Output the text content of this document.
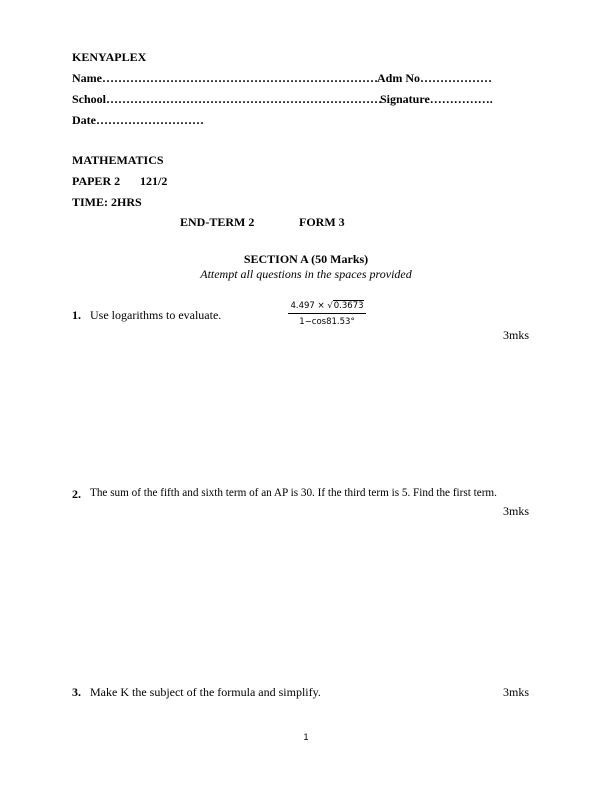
KENYAPLEX
Name…………………………………………………………… Adm No………………
School……………………………………………………………
Signature…………….
Date………………………
MATHEMATICS
PAPER 2 121/2
TIME: 2HRS
END-TERM 2	FORM 3
SECTION A (50 Marks)
Attempt all questions in the spaces provided
1. Use logarithms to evaluate.	$\frac{4.497 \times √0.3673}{1-\cos 81.53^\circ}$
3mks
2. The sum of the fifth and sixth term of an AP is 30. If the third term is 5. Find the first term.
3mks
3. Make K the subject of the formula and simplify.	3mks
1
